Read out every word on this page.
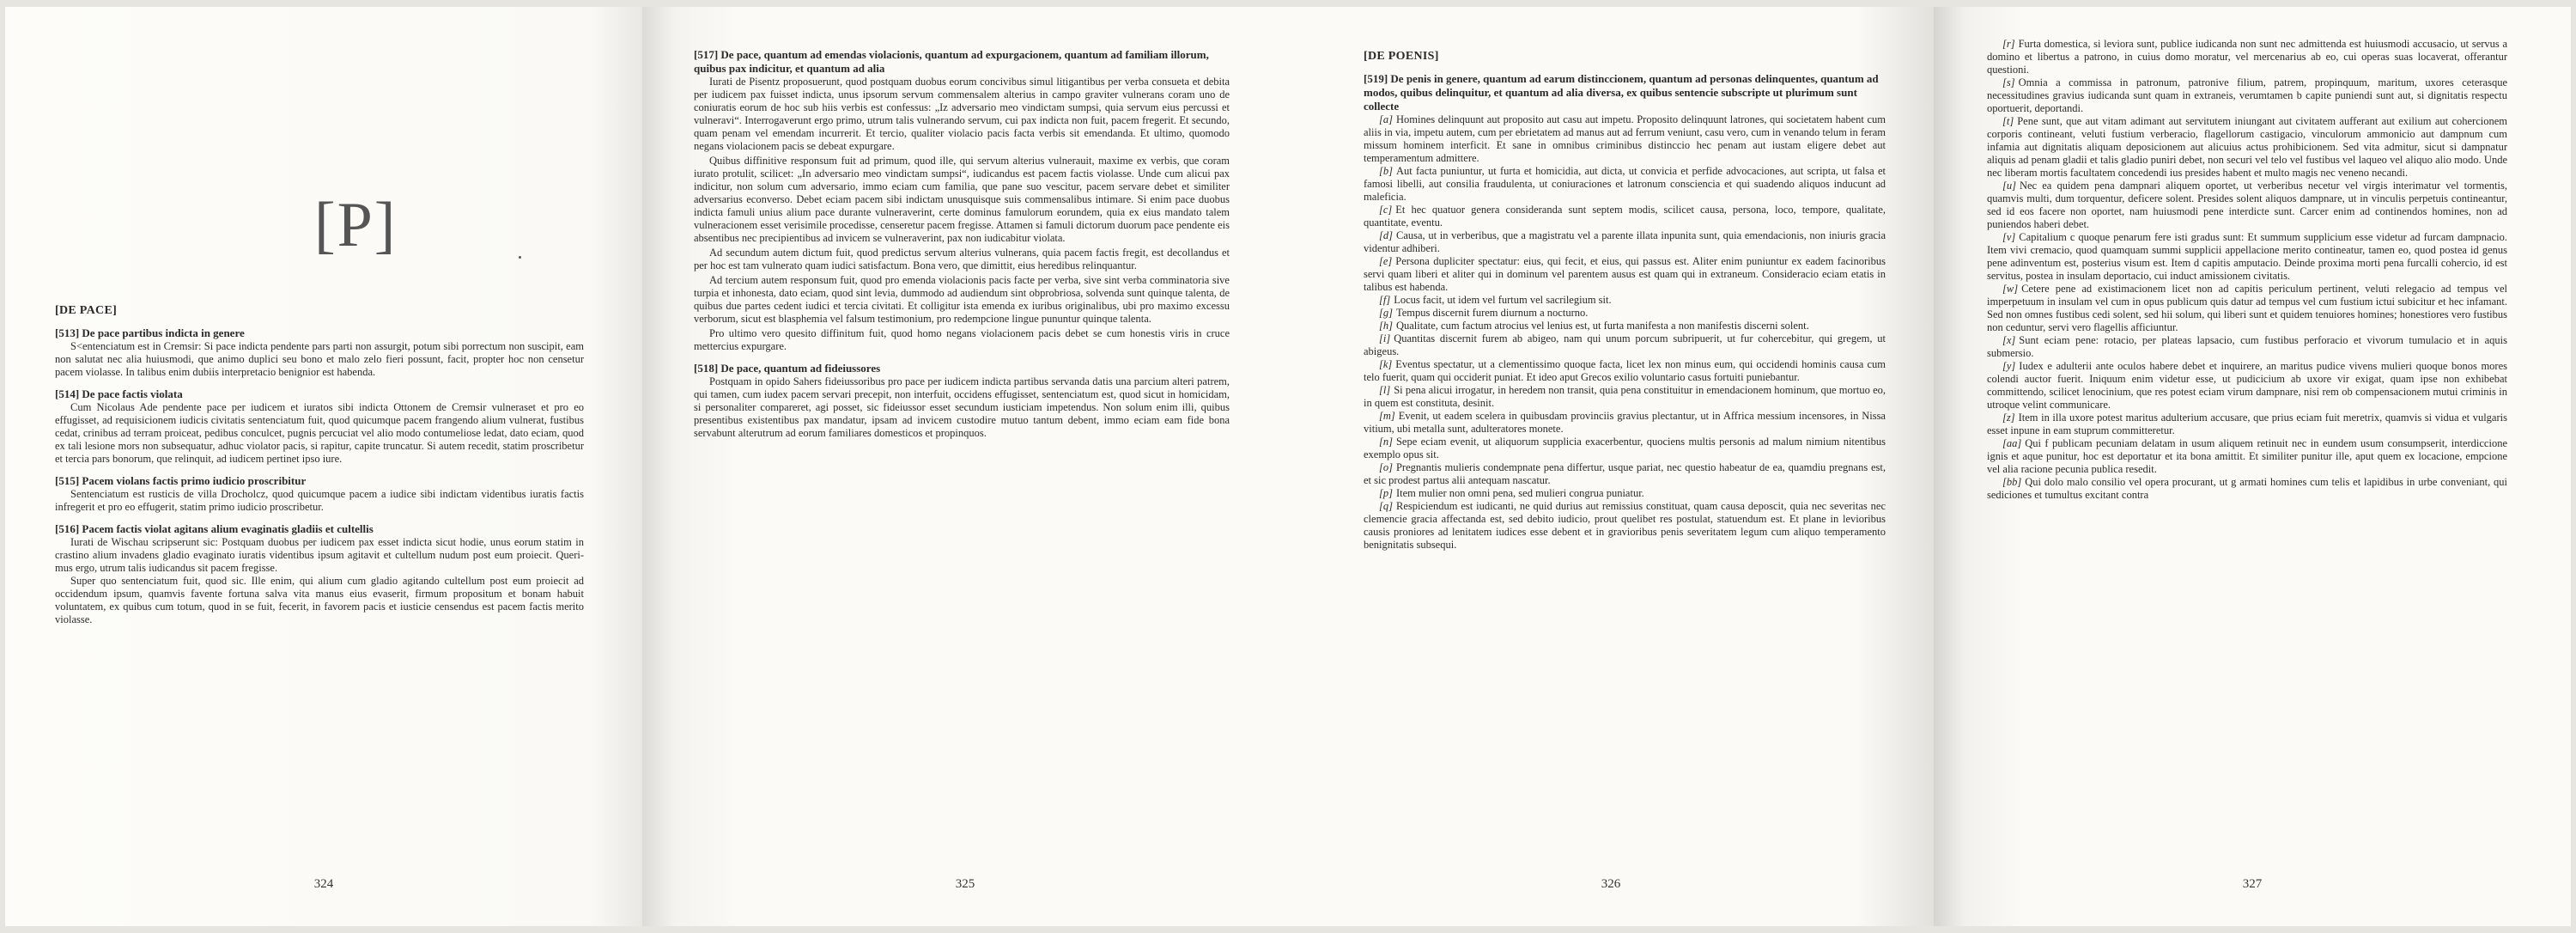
[P]
[DE PACE]
[513] De pace partibus indicta in genere

S<entenciatum est in Cremsir: Si pace indicta pendente pars parti non assurgit, potum sibi porrectum non suscipit, eam non salutat nec alia huiusmodi, que animo duplici seu bono et malo zelo fieri possunt, facit, propter hoc non censetur pacem violasse. In talibus enim dubiis interpretacio benignior est habenda.

[514] De pace factis violata

Cum Nicolaus Ade pendente pace per iudicem et iuratos sibi indicta Ottonem de Cremsir vulneraset et pro eo effugisset, ad requisicionem iudicis civitatis sentenciatum fuit, quod quicumque pacem frangendo alium vulnerat, fustibus cedat, crinibus ad terram proiceat, pedibus conculcet, pugnis percuciat vel alio modo contumeliose ledat, dato eciam, quod ex tali lesione mors non subsequatur, adhuc violator pacis, si rapitur, capite truncatur. Si autem recedit, statim proscribetur et tercia pars bonorum, que relinquit, ad iudicem pertinet ipso iure.

[515] Pacem violans factis primo iudicio proscribitur

Sentenciatum est rusticis de villa Drocholcz, quod quicumque pacem a iudice sibi indictam videntibus iuratis factis infregerit et pro eo effugerit, statim primo iudicio proscribetur.

[516] Pacem factis violat agitans alium evaginatis gladiis et cultellis

Iurati de Wischau scripserunt sic: Postquam duobus per iudicem pax esset indicta sicut hodie, unus eorum statim in crastino alium invadens gladio evaginato iuratis videntibus ipsum agitavit et cultellum nudum post eum proiecit. Queri-mus ergo, utrum talis iudicandus sit pacem fregisse.

Super quo sentenciatum fuit, quod sic. Ille enim, qui alium cum gladio agitando cultellum post eum proiecit ad occidendum ipsum, quamvis favente fortuna salva vita manus eius evaserit, firmum propositum et bonam habuit voluntatem, ex quibus cum totum, quod in se fuit, fecerit, in favorem pacis et iusticie censendus est pacem factis merito violasse.

324
[517] De pace, quantum ad emendas violacionis, quantum ad expurgacionem, quantum ad familiam illorum, quibus pax indicitur, et quantum ad alia

Iurati de Pisentz proposuerunt, quod postquam duobus eorum concivibus simul litigantibus per verba consueta et debita per iudicem pax fuisset indicta, unus ipsorum servum commensalem alterius in campo graviter vulnerans coram uno de coniuratis eorum de hoc sub hiis verbis est confessus: „Iz adversario meo vindictam sumpsi, quia servum eius percussi et vulneravi“. Interrogaverunt ergo primo, utrum talis vulnerando servum, cui pax indicta non fuit, pacem fregerit. Et secundo, quam penam vel emendam incurrerit. Et tercio, qualiter violacio pacis facta verbis sit emendanda. Et ultimo, quomodo negans violacionem pacis se debeat expurgare.

Quibus diffinitive responsum fuit ad primum, quod ille, qui servum alterius vulnerauit, maxime ex verbis, que coram iurato protulit, scilicet: „In adversario meo vindictam sumpsi“, iudicandus est pacem factis violasse. Unde cum alicui pax indicitur, non solum cum adversario, immo eciam cum familia, que pane suo vescitur, pacem servare debet et similiter adversarius econverso. Debet eciam pacem sibi indictam unusquisque suis commensalibus intimare. Si enim pace duobus indicta famuli unius alium pace durante vulneraverint, certe dominus famulorum eorundem, quia ex eius mandato talem vulneracionem esset verisimile procedisse, censeretur pacem fregisse. Attamen si famuli dictorum duorum pace pendente eis absentibus nec precipientibus ad invicem se vulneraverint, pax non iudicabitur violata.

Ad secundum autem dictum fuit, quod predictus servum alterius vulnerans, quia pacem factis fregit, est decollandus et per hoc est tam vulnerato quam iudici satisfactum. Bona vero, que dimittit, eius heredibus relinquantur.

Ad tercium autem responsum fuit, quod pro emenda violacionis pacis facte per verba, sive sint verba comminatoria sive turpia et inhonesta, dato eciam, quod sint levia, dummodo ad audiendum sint obprobriosa, solvenda sunt quinque talenta, de quibus due partes cedent iudici et tercia civitati. Et colligitur ista emenda ex iuribus originalibus, ubi pro maximo excessu verborum, sicut est blasphemia vel falsum testimonium, pro redempcione lingue pununtur quinque talenta.

Pro ultimo vero quesito diffinitum fuit, quod homo negans violacionem pacis debet se cum honestis viris in cruce mettercius expurgare.

[518] De pace, quantum ad fideiussores

Postquam in opido Sahers fideiussoribus pro pace per iudicem indicta partibus servanda datis una parcium alteri patrem, qui tamen, cum iudex pacem servari precepit, non interfuit, occidens effugisset, sentenciatum est, quod sicut in homicidam, si personaliter compareret, agi posset, sic fideiussor esset secundum iusticiam impetendus. Non solum enim illi, quibus presentibus existentibus pax mandatur, ipsam ad invicem custodire mutuo tantum debent, immo eciam eam fide bona servabunt alterutrum ad eorum familiares domesticos et propinquos.

325
[DE POENIS]
[519] De penis in genere, quantum ad earum distinccionem, quantum ad personas delinquentes, quantum ad modos, quibus delinquitur, et quantum ad alia diversa, ex quibus sentencie subscripte ut plurimum sunt collecte

[a] Homines delinquunt aut proposito aut casu aut impetu. Proposito delinquunt latrones, qui societatem habent cum aliis in via, impetu autem, cum per ebrietatem ad manus aut ad ferrum veniunt, casu vero, cum in venando telum in feram missum hominem interficit. Et sane in omnibus criminibus distinccio hec penam aut iustam eligere debet aut temperamentum admittere.

[b] Aut facta puniuntur, ut furta et homicidia, aut dicta, ut convicia et perfide advocaciones, aut scripta, ut falsa et famosi libelli, aut consilia fraudulenta, ut coniuraciones et latronum consciencia et qui suadendo aliquos inducunt ad maleficia.

[c] Et hec quatuor genera consideranda sunt septem modis, scilicet causa, persona, loco, tempore, qualitate, quantitate, eventu.

[d] Causa, ut in verberibus, que a magistratu vel a parente illata inpunita sunt, quia emendacionis, non iniuris gracia videntur adhiberi.

[e] Persona dupliciter spectatur: eius, qui fecit, et eius, qui passus est. Aliter enim puniuntur ex eadem facinoribus servi quam liberi et aliter qui in dominum vel parentem ausus est quam qui in extraneum. Consideracio eciam etatis in talibus est habenda.

[f] Locus facit, ut idem vel furtum vel sacrilegium sit.

[g] Tempus discernit furem diurnum a nocturno.

[h] Qualitate, cum factum atrocius vel lenius est, ut furta manifesta a non manifestis discerni solent.

[i] Quantitas discernit furem ab abigeo, nam qui unum porcum subripuerit, ut fur cohercebitur, qui gregem, ut abigeus.

[k] Eventus spectatur, ut a clementissimo quoque facta, licet lex non minus eum, qui occidendi hominis causa cum telo fuerit, quam qui occiderit puniat. Et ideo aput Grecos exilio voluntario casus fortuiti puniebantur.

[l] Si pena alicui irrogatur, in heredem non transit, quia pena constituitur in emendacionem hominum, que mortuo eo, in quem est constituta, desinit.

[m] Evenit, ut eadem scelera in quibusdam provinciis gravius plectantur, ut in Affrica messium incensores, in Nissa vitium, ubi metalla sunt, adulteratores monete.

[n] Sepe eciam evenit, ut aliquorum supplicia exacerbentur, quociens multis personis ad malum nimium nitentibus exemplo opus sit.

[o] Pregnantis mulieris condempnate pena differtur, usque pariat, nec questio habeatur de ea, quamdiu pregnans est, et sic prodest partus alii antequam nascatur.

[p] Item mulier non omni pena, sed mulieri congrua puniatur.

[q] Respiciendum est iudicanti, ne quid durius aut remissius constituat, quam causa deposcit, quia nec severitas nec clemencie gracia affectanda est, sed debito iudicio, prout quelibet res postulat, statuendum est. Et plane in levioribus causis proniores ad lenitatem iudices esse debent et in gravioribus penis severitatem legum cum aliquo temperamento benignitatis subsequi.

326

[r] Furta domestica, si leviora sunt, publice iudicanda non sunt nec admittenda est huiusmodi accusacio, ut servus a domino et libertus a patrono, in cuius domo moratur, vel mercenarius ab eo, cui operas suas locaverat, offerantur questioni.

[s] Omnia a commissa in patronum, patronive filium, patrem, propinquum, maritum, uxores ceterasque necessitudines gravius iudicanda sunt quam in extraneis, verumtamen b capite puniendi sunt aut, si dignitatis respectu oportuerit, deportandi.

[t] Pene sunt, que aut vitam adimant aut servitutem iniungant aut civitatem aufferant aut exilium aut cohercionem corporis contineant, veluti fustium verberacio, flagellorum castigacio, vinculorum ammonicio aut dampnum cum infamia aut dignitatis aliquam deposicionem aut alicuius actus prohibicionem. Sed vita admitur, sicut si dampnatur aliquis ad penam gladii et talis gladio puniri debet, non securi vel telo vel fustibus vel laqueo vel aliquo alio modo. Unde nec liberam mortis facultatem concedendi ius presides habent et multo magis nec veneno necandi.

[u] Nec ea quidem pena dampnari aliquem oportet, ut verberibus necetur vel virgis interimatur vel tormentis, quamvis multi, dum torquentur, deficere solent. Presides solent aliquos dampnare, ut in vinculis perpetuis contineantur, sed id eos facere non oportet, nam huiusmodi pene interdicte sunt. Carcer enim ad continendos homines, non ad puniendos haberi debet.

[v] Capitalium c quoque penarum fere isti gradus sunt: Et summum supplicium esse videtur ad furcam dampnacio. Item vivi cremacio, quod quamquam summi supplicii appellacione merito contineatur, tamen eo, quod postea id genus pene adinventum est, posterius visum est. Item d capitis amputacio. Deinde proxima morti pena furcalli cohercio, id est servitus, postea in insulam deportacio, cui induct amissionem civitatis.

[w] Cetere pene ad existimacionem licet non ad capitis periculum pertinent, veluti relegacio ad tempus vel imperpetuum in insulam vel cum in opus publicum quis datur ad tempus vel cum fustium ictui subicitur et hec infamant. Sed non omnes fustibus cedi solent, sed hii solum, qui liberi sunt et quidem tenuiores homines; honestiores vero fustibus non ceduntur, servi vero flagellis afficiuntur.

[x] Sunt eciam pene: rotacio, per plateas lapsacio, cum fustibus perforacio et vivorum tumulacio et in aquis submersio.

[y] Iudex e adulterii ante oculos habere debet et inquirere, an maritus pudice vivens mulieri quoque bonos mores colendi auctor fuerit. Iniquum enim videtur esse, ut pudicicium ab uxore vir exigat, quam ipse non exhibebat committendo, scilicet lenocinium, que res potest eciam virum dampnare, nisi rem ob compensacionem mutui criminis in utroque velint communicare.

[z] Item in illa uxore potest maritus adulterium accusare, que prius eciam fuit meretrix, quamvis si vidua et vulgaris esset inpune in eam stuprum committeretur.

[aa] Qui f publicam pecuniam delatam in usum aliquem retinuit nec in eundem usum consumpserit, interdiccione ignis et aque punitur, hoc est deportatur et ita bona amittit. Et similiter punitur ille, aput quem ex locacione, empcione vel alia racione pecunia publica resedit.

[bb] Qui dolo malo consilio vel opera procurant, ut g armati homines cum telis et lapidibus in urbe conveniant, qui sediciones et tumultus excitant contra

327
